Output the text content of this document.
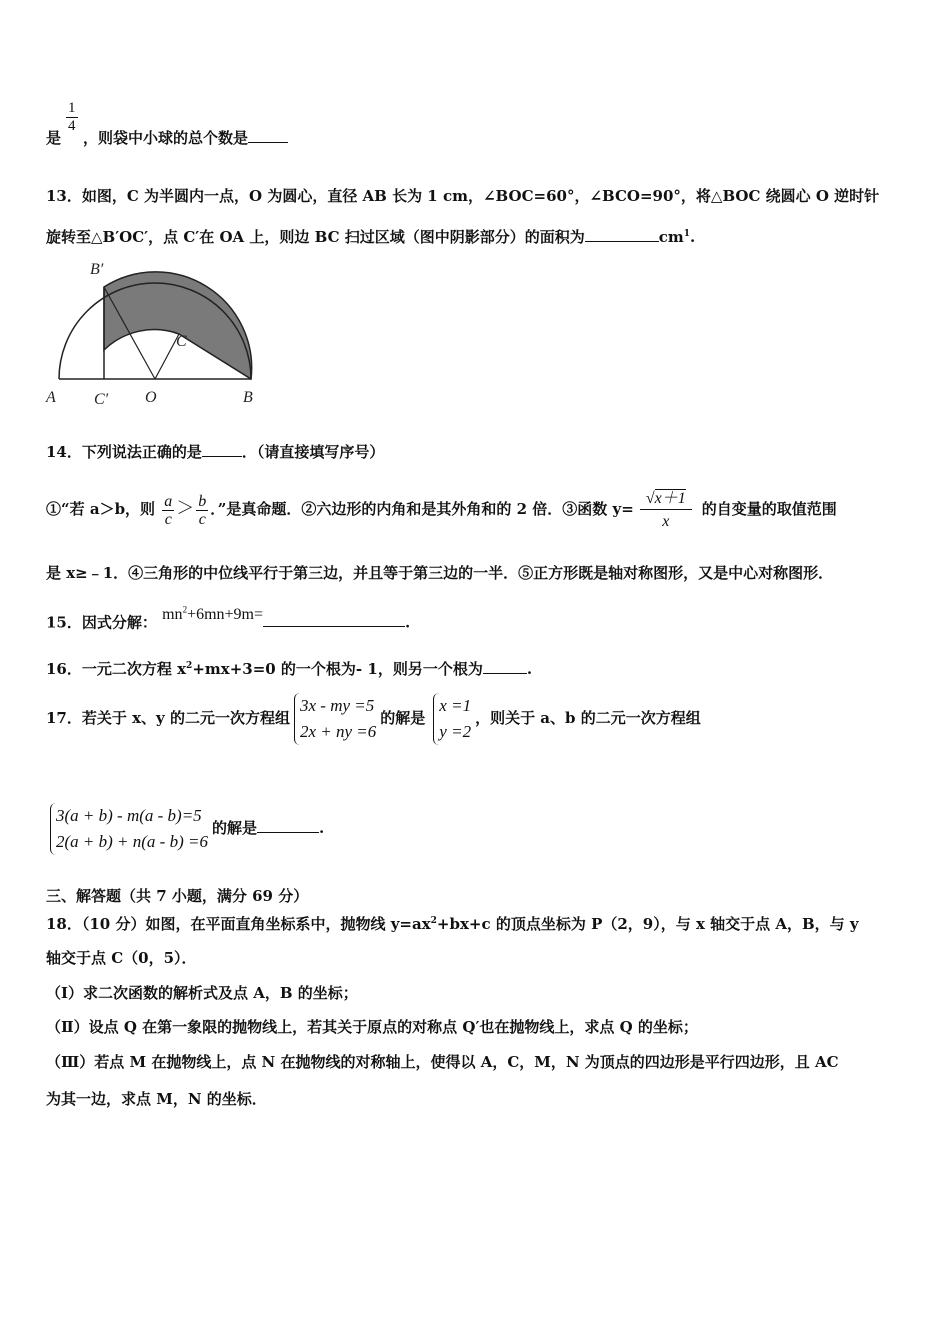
$\frac{1}{4}$
是 ，则袋中小球的总个数是
13．如图，C 为半圆内一点，O 为圆心，直径 AB 长为 1 cm，∠BOC=60°，∠BCO=90°，将△BOC 绕圆心 O 逆时针
旋转至△B′OC′，点 C′在 OA 上，则边 BC 扫过区域（图中阴影部分）的面积为	$cm^1$.
B′
C
A C′ O	B
14．下列说法正确的是	．（请直接填写序号）
①“若 a＞b，则 $\frac{a}{c} > \frac{b}{c}$ ．”是真命题．②六边形的内角和是其外角和的 2 倍．③函数 $y= \frac{√x+1}{x}$ 的自变量的取值范围
是 x≥﹣1．④三角形的中位线平行于第三边，并且等于第三边的一半．⑤正方形既是轴对称图形，又是中心对称图形．
15．因式分解： $mn^2+6mn+9m=$	.
16．一元二次方程 $x^2+mx+3=0$ 的一个根为- 1，则另一个根为	.
17．若关于 x、y 的二元一次方程组
3x - my =5
2x + ny =6
的解是
x =1
y =2
，则关于 a、b 的二元一次方程组
3(a + b) - m(a - b)=5
2(a + b) + n(a - b) =6
的解是	.
三、解答题（共 7 小题，满分 69 分）
18．（10 分）如图，在平面直角坐标系中，抛物线 $y=ax^2+bx+c$ 的顶点坐标为 P（2，9），与 x 轴交于点 A，B，与 y
轴交于点 C（0，5）．
（Ⅰ）求二次函数的解析式及点 A，B 的坐标；
（Ⅱ）设点 Q 在第一象限的抛物线上，若其关于原点的对称点 Q′也在抛物线上，求点 Q 的坐标；
（Ⅲ）若点 M 在抛物线上，点 N 在抛物线的对称轴上，使得以 A，C，M，N 为顶点的四边形是平行四边形，且 AC
为其一边，求点 M，N 的坐标．
